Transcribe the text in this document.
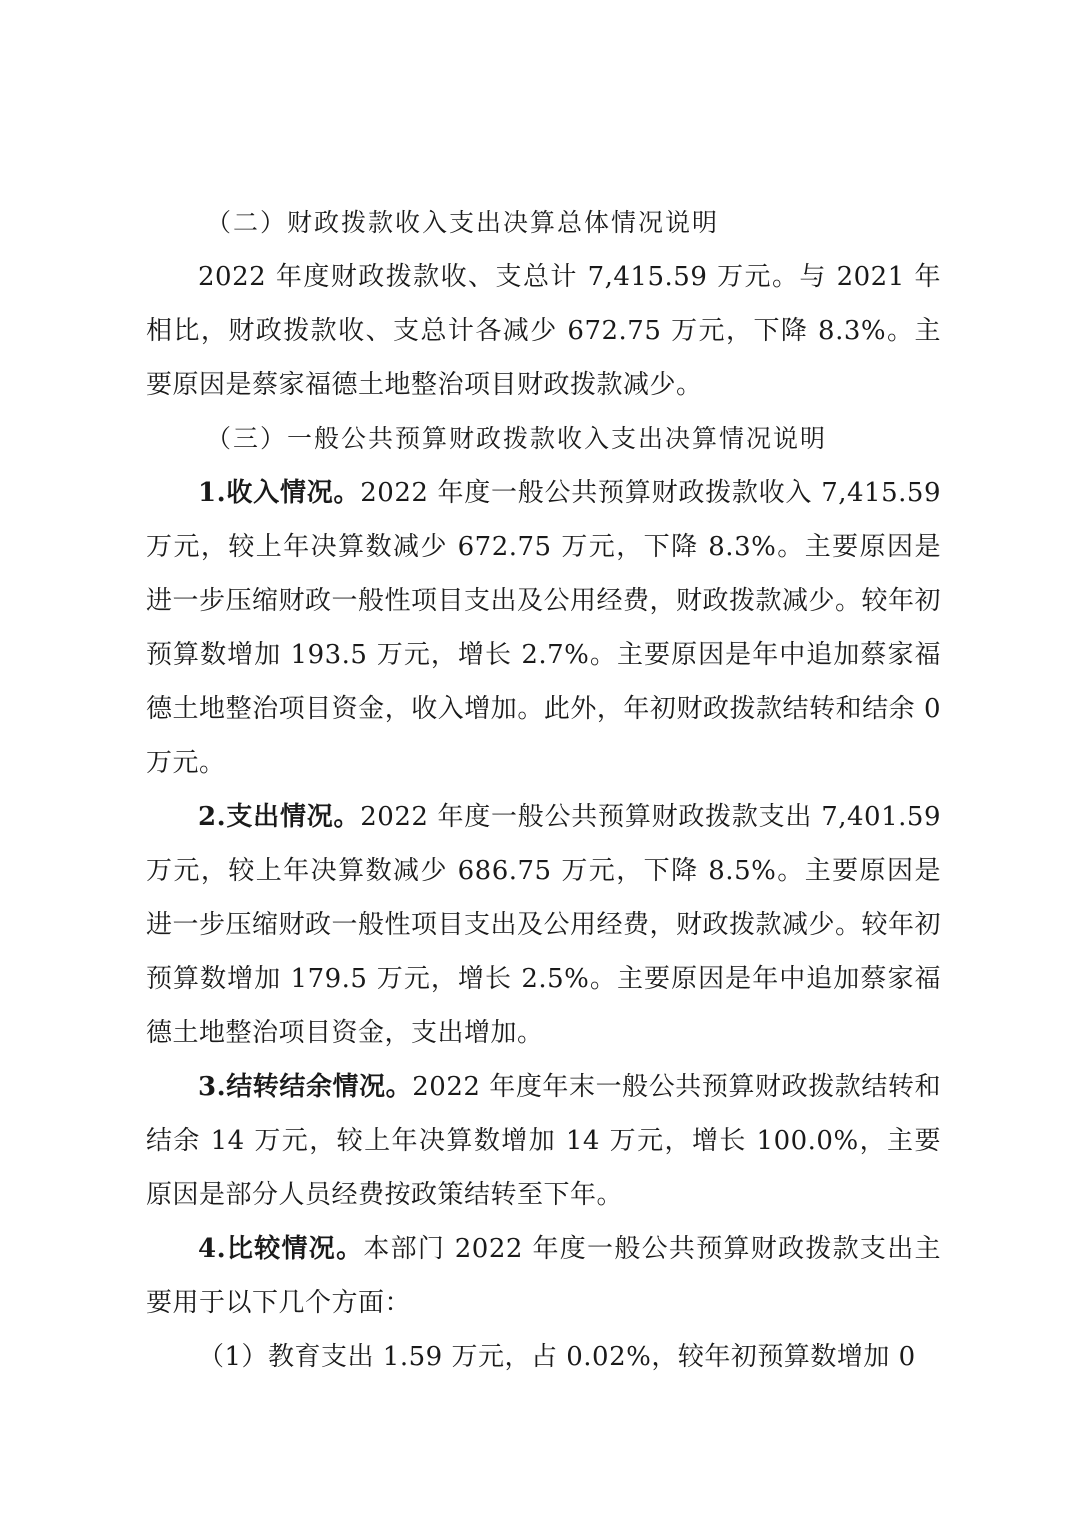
（二）财政拨款收入支出决算总体情况说明

2022 年度财政拨款收、支总计 7,415.59 万元。与 2021 年相比，财政拨款收、支总计各减少 672.75 万元，下降 8.3%。主要原因是蔡家福德土地整治项目财政拨款减少。

（三）一般公共预算财政拨款收入支出决算情况说明

1.收入情况。2022 年度一般公共预算财政拨款收入 7,415.59 万元，较上年决算数减少 672.75 万元，下降 8.3%。主要原因是进一步压缩财政一般性项目支出及公用经费，财政拨款减少。较年初预算数增加 193.5 万元，增长 2.7%。主要原因是年中追加蔡家福德土地整治项目资金，收入增加。此外，年初财政拨款结转和结余 0 万元。

2.支出情况。2022 年度一般公共预算财政拨款支出 7,401.59 万元，较上年决算数减少 686.75 万元，下降 8.5%。主要原因是进一步压缩财政一般性项目支出及公用经费，财政拨款减少。较年初预算数增加 179.5 万元，增长 2.5%。主要原因是年中追加蔡家福德土地整治项目资金，支出增加。

3.结转结余情况。2022 年度年末一般公共预算财政拨款结转和结余 14 万元，较上年决算数增加 14 万元，增长 100.0%，主要原因是部分人员经费按政策结转至下年。

4.比较情况。本部门 2022 年度一般公共预算财政拨款支出主要用于以下几个方面：

（1）教育支出 1.59 万元，占 0.02%，较年初预算数增加 0
